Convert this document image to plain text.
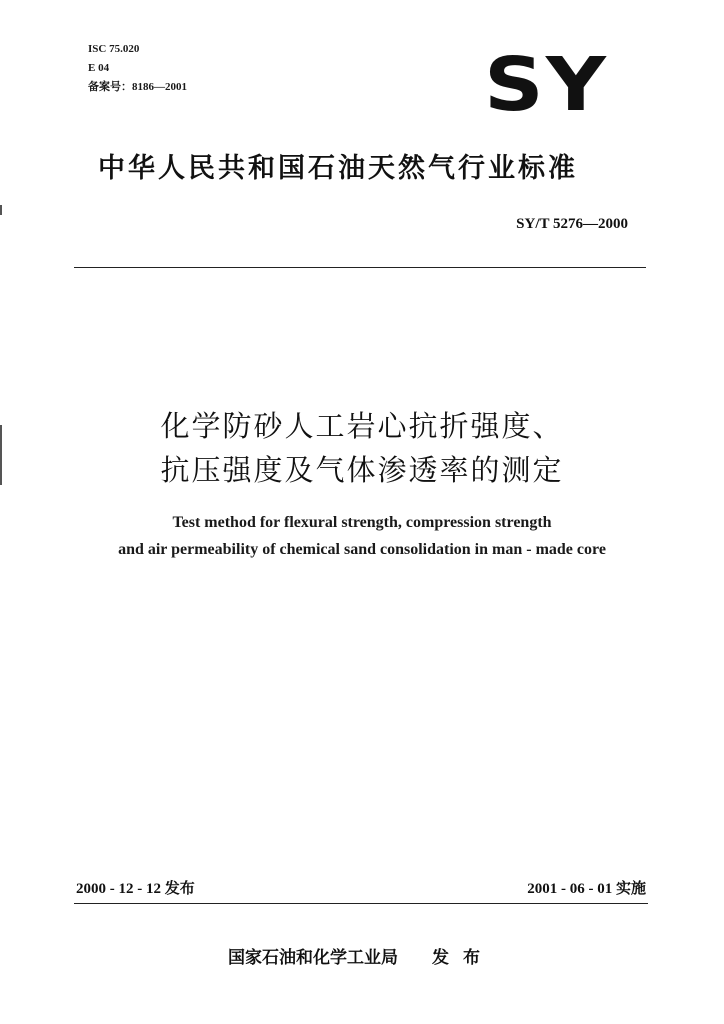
ISC 75.020
E 04
备案号：8186—2001	SY
中华人民共和国石油天然气行业标准
SY/T 5276—2000
化学防砂人工岩心抗折强度、
抗压强度及气体渗透率的测定
Test method for flexural strength, compression strength
and air permeability of chemical sand consolidation in man - made core
2000 - 12 - 12 发布	2001 - 06 - 01 实施
国家石油和化学工业局 发布
